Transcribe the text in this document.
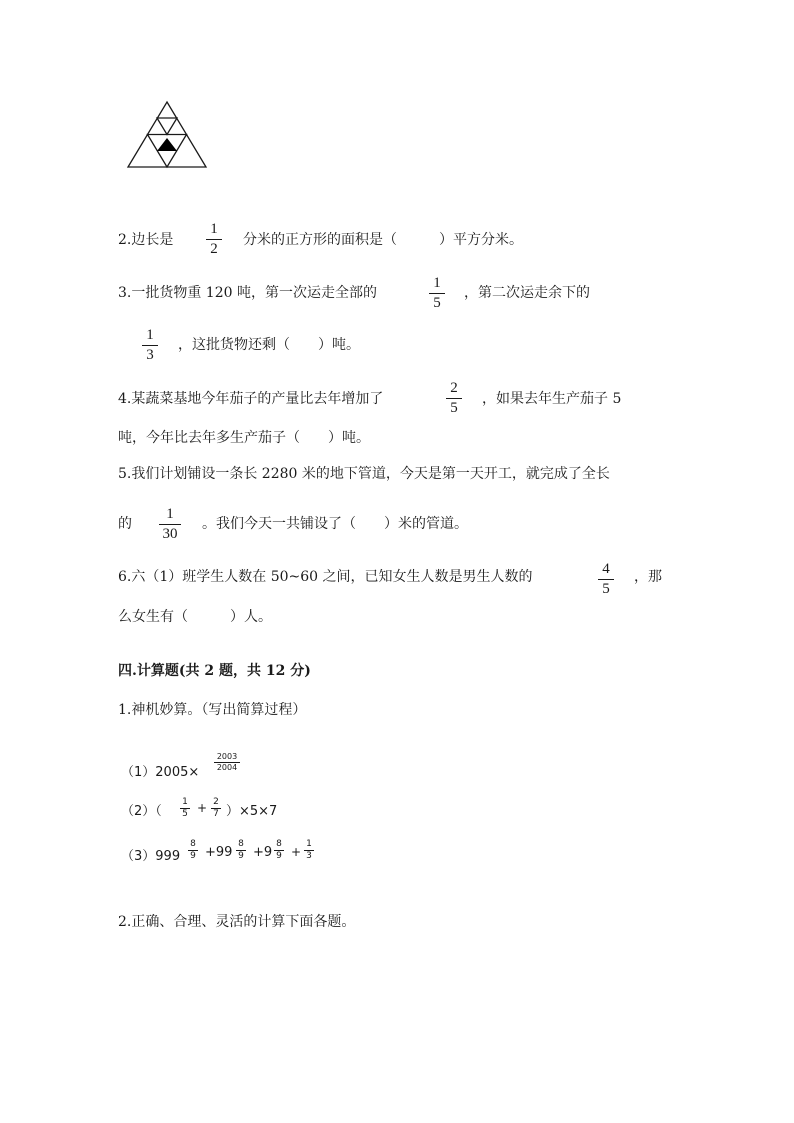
2.边长是
1
2
分米的正方形的面积是（　　　）平方分米。
3.一批货物重 120 吨，第一次运走全部的
1
5
，第二次运走余下的
1
3
，这批货物还剩（　　）吨。
4.某蔬菜基地今年茄子的产量比去年增加了
2
5
，如果去年生产茄子 5
吨，今年比去年多生产茄子（　　）吨。
5.我们计划铺设一条长 2280 米的地下管道，今天是第一天开工，就完成了全长
的
1
30
。我们今天一共铺设了（　　）米的管道。
6.六（1）班学生人数在 50~60 之间，已知女生人数是男生人数的	4
5
，那
么女生有（　　　）人。
四.计算题(共 2 题，共 12 分)
1.神机妙算。（写出简算过程）
（1）2005×
2003
2004
（2）（
1
5 + 2
7 ）×5×7
（3）999
8
9 +99
8
9 +9
8
9 +
1
3
2.正确、合理、灵活的计算下面各题。
